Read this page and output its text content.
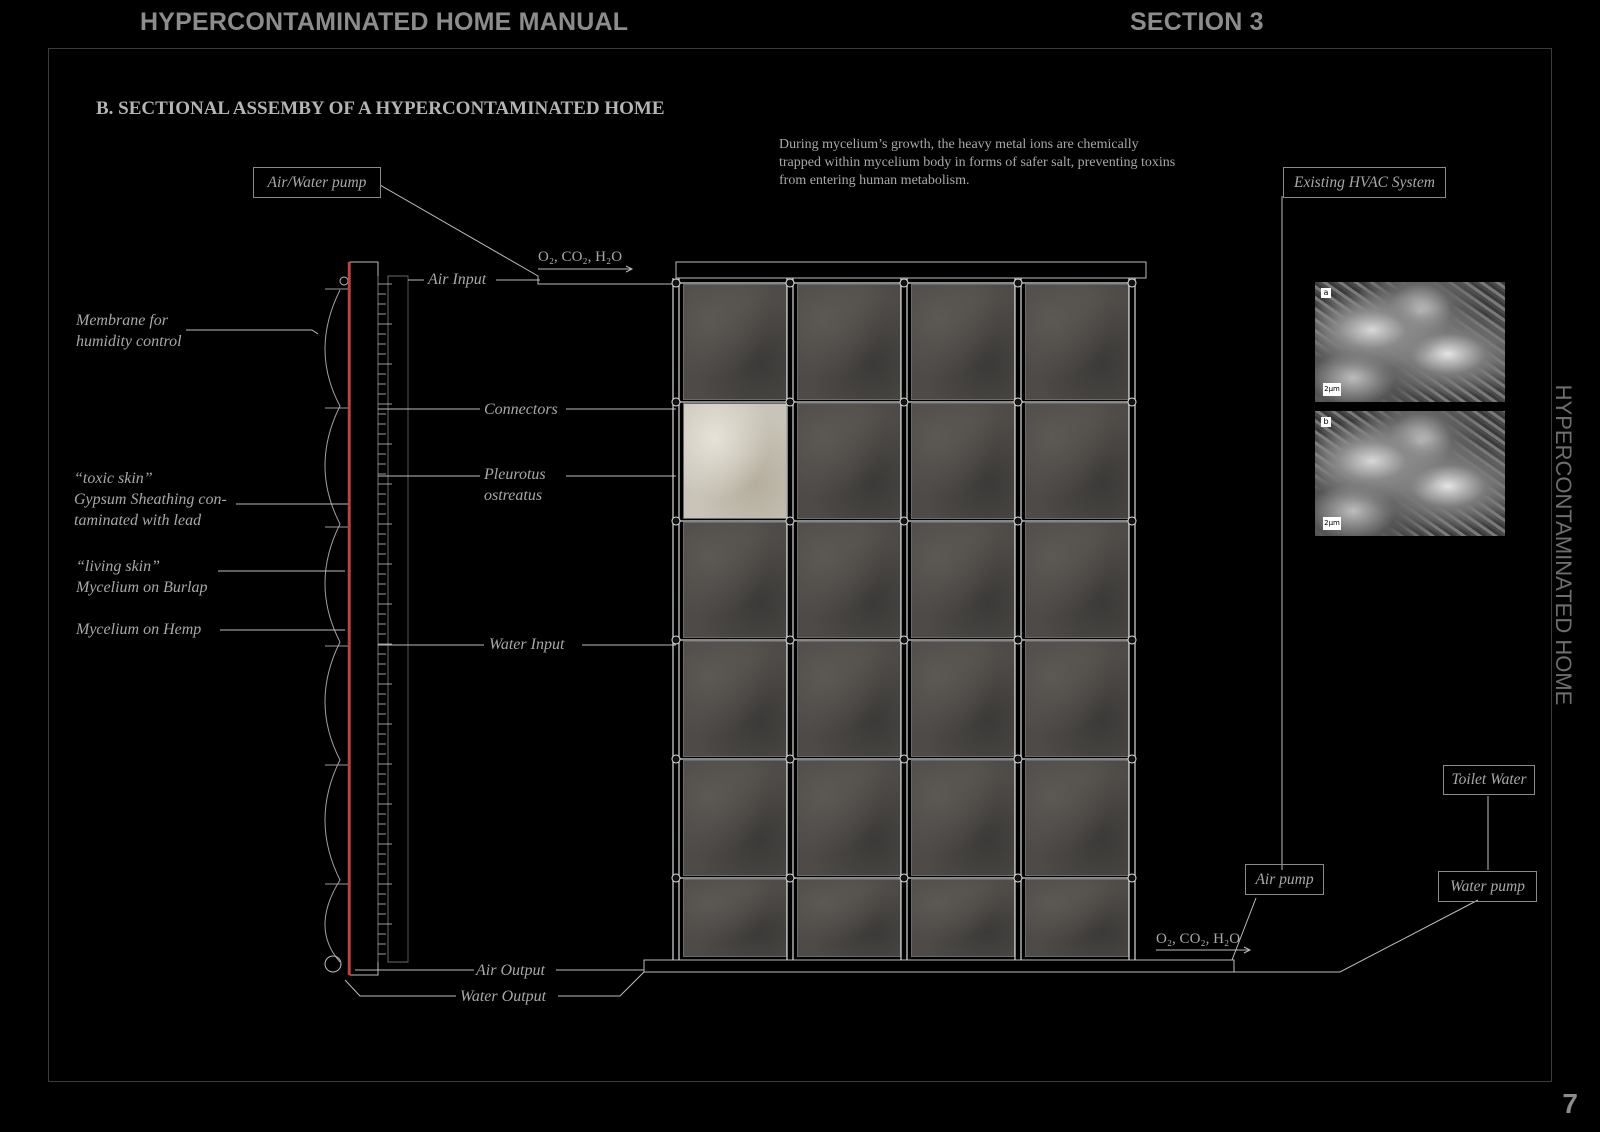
HYPERCONTAMINATED HOME MANUAL	SECTION 3
HYPERCONTAMINATED HOME
7
B. SECTIONAL ASSEMBY OF A HYPERCONTAMINATED HOME
During mycelium’s growth, the heavy metal ions are chemically trapped within mycelium body in forms of safer salt, preventing toxins from entering human metabolism.
Air/Water pump	Existing HVAC System
Toilet Water
Water pump
Air pump
O₂, CO₂, H₂O
O₂, CO₂, H₂O
Membrane for
humidity control
“toxic skin”
Gypsum Sheathing con-
taminated with lead
“living skin”
Mycelium on Burlap
Mycelium on Hemp
Air Input
Connectors
Pleurotus
ostreatus
Water Input
Air Output
Water Output
a
2μm
b
2μm
